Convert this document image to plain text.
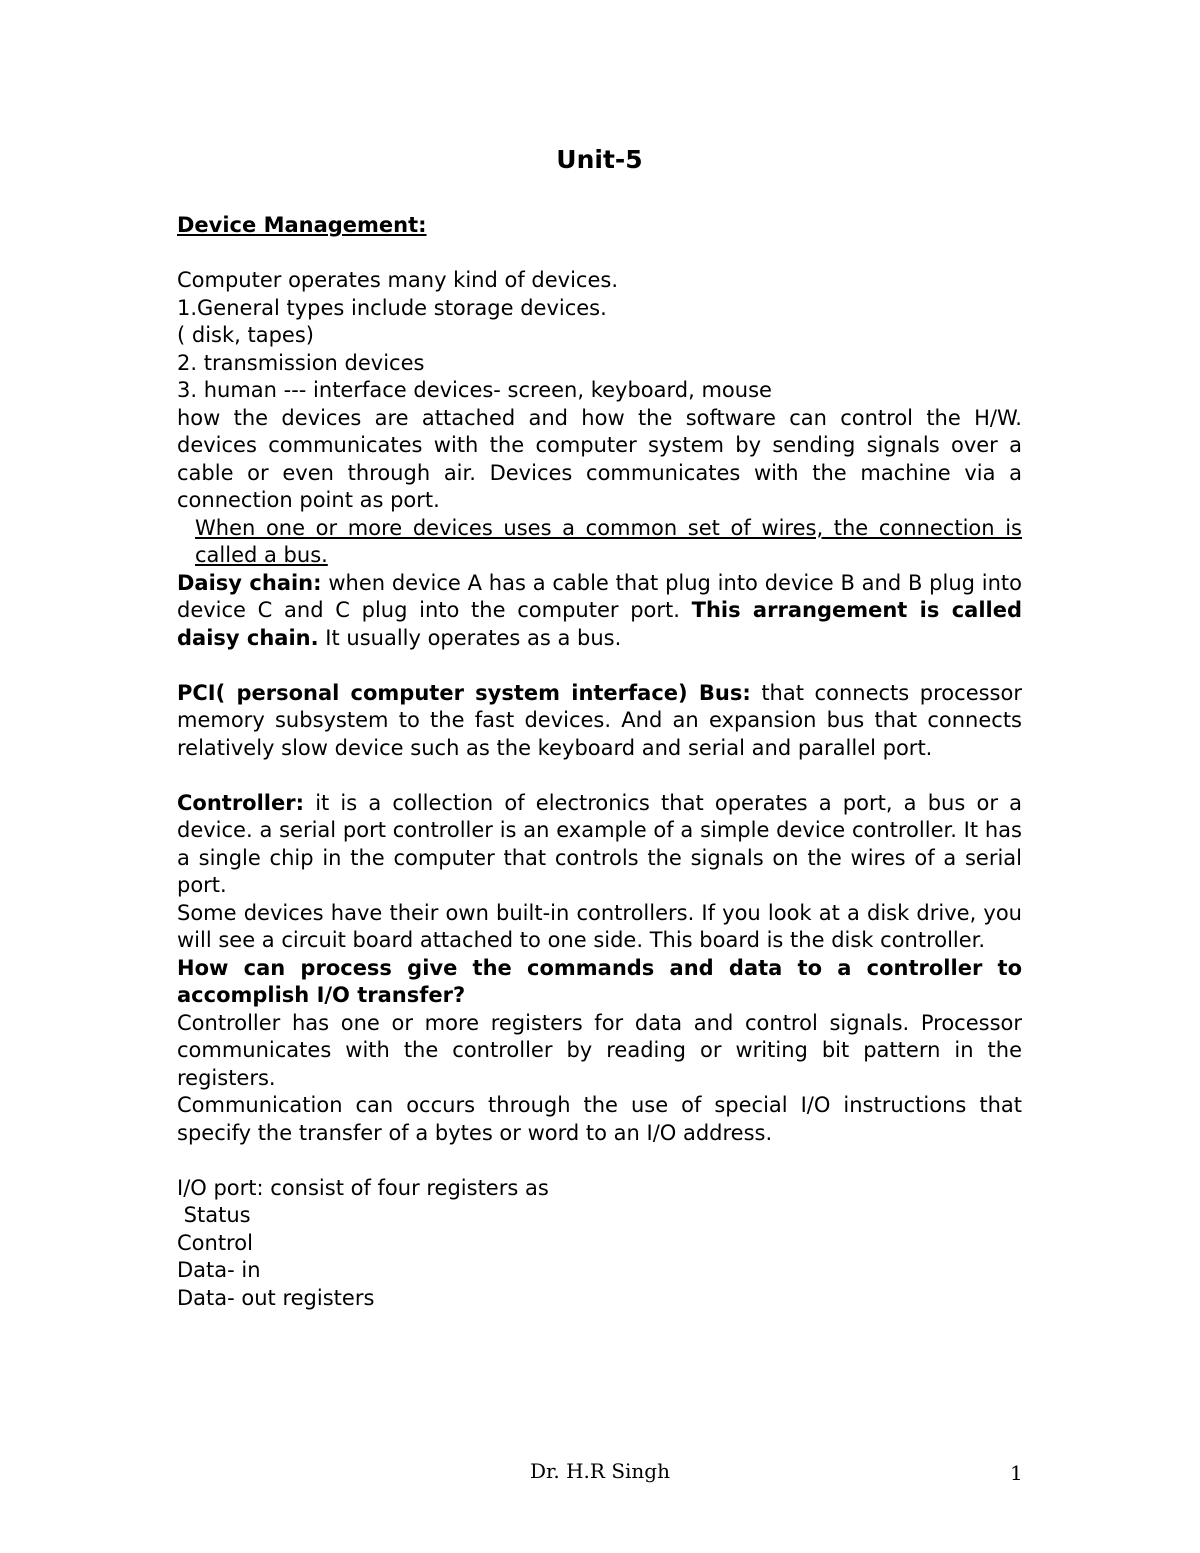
Unit-5
Device Management:
Computer operates many kind of devices.
1.General types include storage devices.
( disk, tapes)
2. transmission devices
3. human --- interface devices- screen, keyboard, mouse

how the devices are attached and how the software can control the H/W. devices communicates with the computer system by sending signals over a cable or even through air. Devices communicates with the machine via a connection point as port.

When one or more devices uses a common set of wires, the connection is called a bus.

Daisy chain: when device A has a cable that plug into device B and B plug into device C and C plug into the computer port. This arrangement is called daisy chain. It usually operates as a bus.

PCI( personal computer system interface) Bus: that connects processor memory subsystem to the fast devices. And an expansion bus that connects relatively slow device such as the keyboard and serial and parallel port.

Controller: it is a collection of electronics that operates a port, a bus or a device. a serial port controller is an example of a simple device controller. It has a single chip in the computer that controls the signals on the wires of a serial port.

Some devices have their own built-in controllers. If you look at a disk drive, you will see a circuit board attached to one side. This board is the disk controller.

How can process give the commands and data to a controller to accomplish I/O transfer?

Controller has one or more registers for data and control signals. Processor communicates with the controller by reading or writing bit pattern in the registers.

Communication can occurs through the use of special I/O instructions that specify the transfer of a bytes or word to an I/O address.

I/O port: consist of four registers as
Status
Control
Data- in
Data- out registers
Dr. H.R Singh	1
